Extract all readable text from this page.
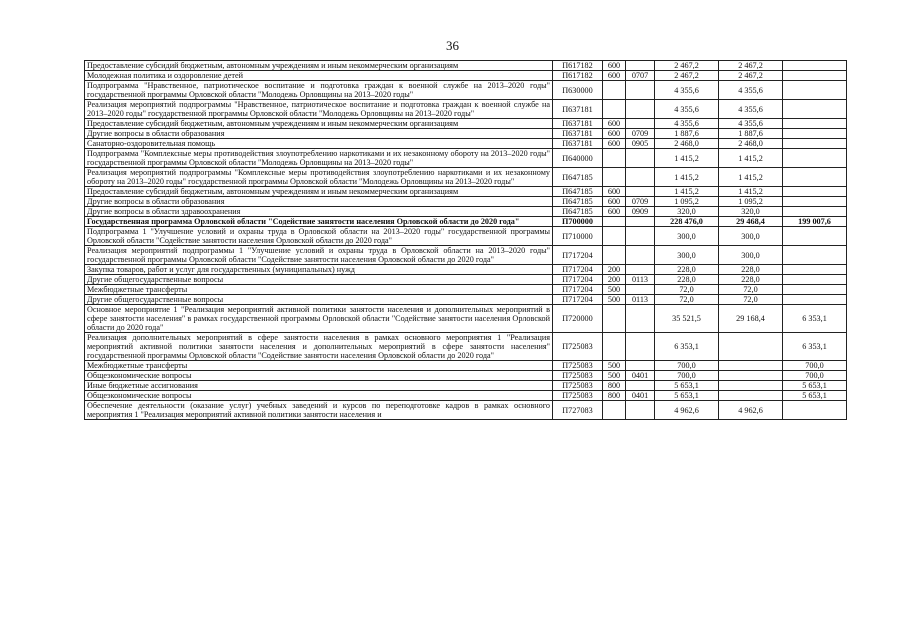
36
Предоставление субсидий бюджетным, автономным учреждениям и иным некоммерческим организациям	П617182	600		2 467,2	2 467,2	
Молодежная политика и оздоровление детей	П617182	600	0707	2 467,2	2 467,2	
Подпрограмма "Нравственное, патриотическое воспитание и подготовка граждан к военной службе на 2013–2020 годы" государственной программы Орловской области "Молодежь Орловщины на 2013–2020 годы"	П630000			4 355,6	4 355,6	
Реализация мероприятий подпрограммы "Нравственное, патриотическое воспитание и подготовка граждан к военной службе на 2013–2020 годы" государственной программы Орловской области "Молодежь Орловщины на 2013–2020 годы"	П637181			4 355,6	4 355,6	
Предоставление субсидий бюджетным, автономным учреждениям и иным некоммерческим организациям	П637181	600		4 355,6	4 355,6	
Другие вопросы в области образования	П637181	600	0709	1 887,6	1 887,6	
Санаторно-оздоровительная помощь	П637181	600	0905	2 468,0	2 468,0	
Подпрограмма "Комплексные меры противодействия злоупотреблению наркотиками и их незаконному обороту на 2013–2020 годы" государственной программы Орловской области "Молодежь Орловщины на 2013–2020 годы"	П640000			1 415,2	1 415,2	
Реализация мероприятий подпрограммы "Комплексные меры противодействия злоупотреблению наркотиками и их незаконному обороту на 2013–2020 годы" государственной программы Орловской области "Молодежь Орловщины на 2013–2020 годы"	П647185			1 415,2	1 415,2	
Предоставление субсидий бюджетным, автономным учреждениям и иным некоммерческим организациям	П647185	600		1 415,2	1 415,2	
Другие вопросы в области образования	П647185	600	0709	1 095,2	1 095,2	
Другие вопросы в области здравоохранения	П647185	600	0909	320,0	320,0	
Государственная программа Орловской области "Содействие занятости населения Орловской области до 2020 года"	П700000			228 476,0	29 468,4	199 007,6
Подпрограмма 1 "Улучшение условий и охраны труда в Орловской области на 2013–2020 годы" государственной программы Орловской области "Содействие занятости населения Орловской области до 2020 года"	П710000			300,0	300,0	
Реализация мероприятий подпрограммы 1 "Улучшение условий и охраны труда в Орловской области на 2013–2020 годы" государственной программы Орловской области "Содействие занятости населения Орловской области до 2020 года"	П717204			300,0	300,0	
Закупка товаров, работ и услуг для государственных (муниципальных) нужд	П717204	200		228,0	228,0	
Другие общегосударственные вопросы	П717204	200	0113	228,0	228,0	
Межбюджетные трансферты	П717204	500		72,0	72,0	
Другие общегосударственные вопросы	П717204	500	0113	72,0	72,0	
Основное мероприятие 1 "Реализация мероприятий активной политики занятости населения и дополнительных мероприятий в сфере занятости населения" в рамках государственной программы Орловской области "Содействие занятости населения Орловской области до 2020 года"	П720000			35 521,5	29 168,4	6 353,1
Реализация дополнительных мероприятий в сфере занятости населения в рамках основного мероприятия 1 "Реализация мероприятий активной политики занятости населения и дополнительных мероприятий в сфере занятости населения" государственной программы Орловской области "Содействие занятости населения Орловской области до 2020 года"	П725083			6 353,1		6 353,1
Межбюджетные трансферты	П725083	500		700,0		700,0
Общеэкономические вопросы	П725083	500	0401	700,0		700,0
Иные бюджетные ассигнования	П725083	800		5 653,1		5 653,1
Общеэкономические вопросы	П725083	800	0401	5 653,1		5 653,1

Обеспечение деятельности (оказание услуг) учебных заведений и курсов по переподготовке кадров в рамках основного мероприятия 1 "Реализация мероприятий активной политики занятости населения и	П727083			4 962,6	4 962,6	
